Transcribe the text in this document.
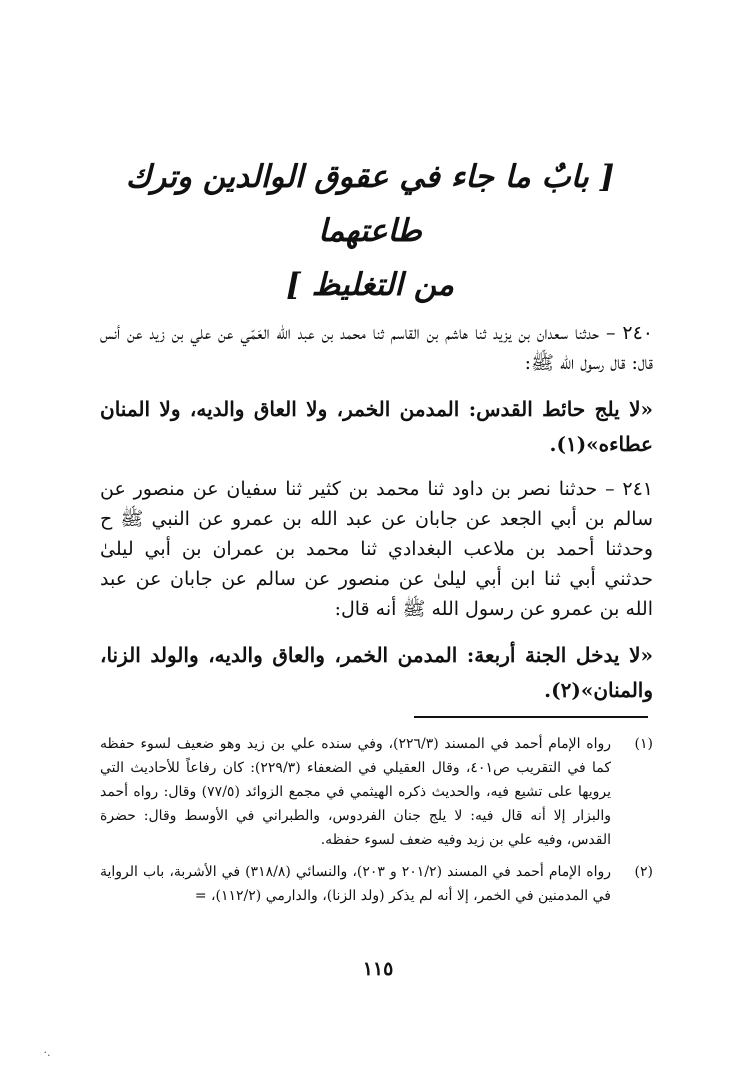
[ بابٌ ما جاء في عقوق الوالدين وترك طاعتهما
من التغليظ ]

٢٤٠ – حدثنا سعدان بن يزيد ثنا هاشم بن القاسم ثنا محمد بن عبد الله العَمّي عن علي بن زيد عن أنس قال: قال رسول الله ﷺ:

«لا يلج حائط القدس: المدمن الخمر، ولا العاق والديه، ولا المنان عطاءه»(١).

٢٤١ – حدثنا نصر بن داود ثنا محمد بن كثير ثنا سفيان عن منصور عن سالم بن أبي الجعد عن جابان عن عبد الله بن عمرو عن النبي ﷺ ح وحدثنا أحمد بن ملاعب البغدادي ثنا محمد بن عمران بن أبي ليلىٰ حدثني أبي ثنا ابن أبي ليلىٰ عن منصور عن سالم عن جابان عن عبد الله بن عمرو عن رسول الله ﷺ أنه قال:

«لا يدخل الجنة أربعة: المدمن الخمر، والعاق والديه، والولد الزنا، والمنان»(٢).

(١)
رواه الإمام أحمد في المسند (٢٢٦/٣)، وفي سنده علي بن زيد وهو ضعيف لسوء حفظه كما في التقريب ص٤٠١، وقال العقيلي في الضعفاء (٢٢٩/٣): كان رفاعاً للأحاديث التي يرويها على تشيع فيه، والحديث ذكره الهيثمي في مجمع الزوائد (٧٧/٥) وقال: رواه أحمد والبزار إلا أنه قال فيه: لا يلج جنان الفردوس، والطبراني في الأوسط وقال: حضرة القدس، وفيه علي بن زيد وفيه ضعف لسوء حفظه.
(٢)
رواه الإمام أحمد في المسند (٢٠١/٢ و ٢٠٣)، والنسائي (٣١٨/٨) في الأشربة، باب الرواية في المدمنين في الخمر، إلا أنه لم يذكر (ولد الزنا)، والدارمي (١١٢/٢)، =
١١٥
·.
